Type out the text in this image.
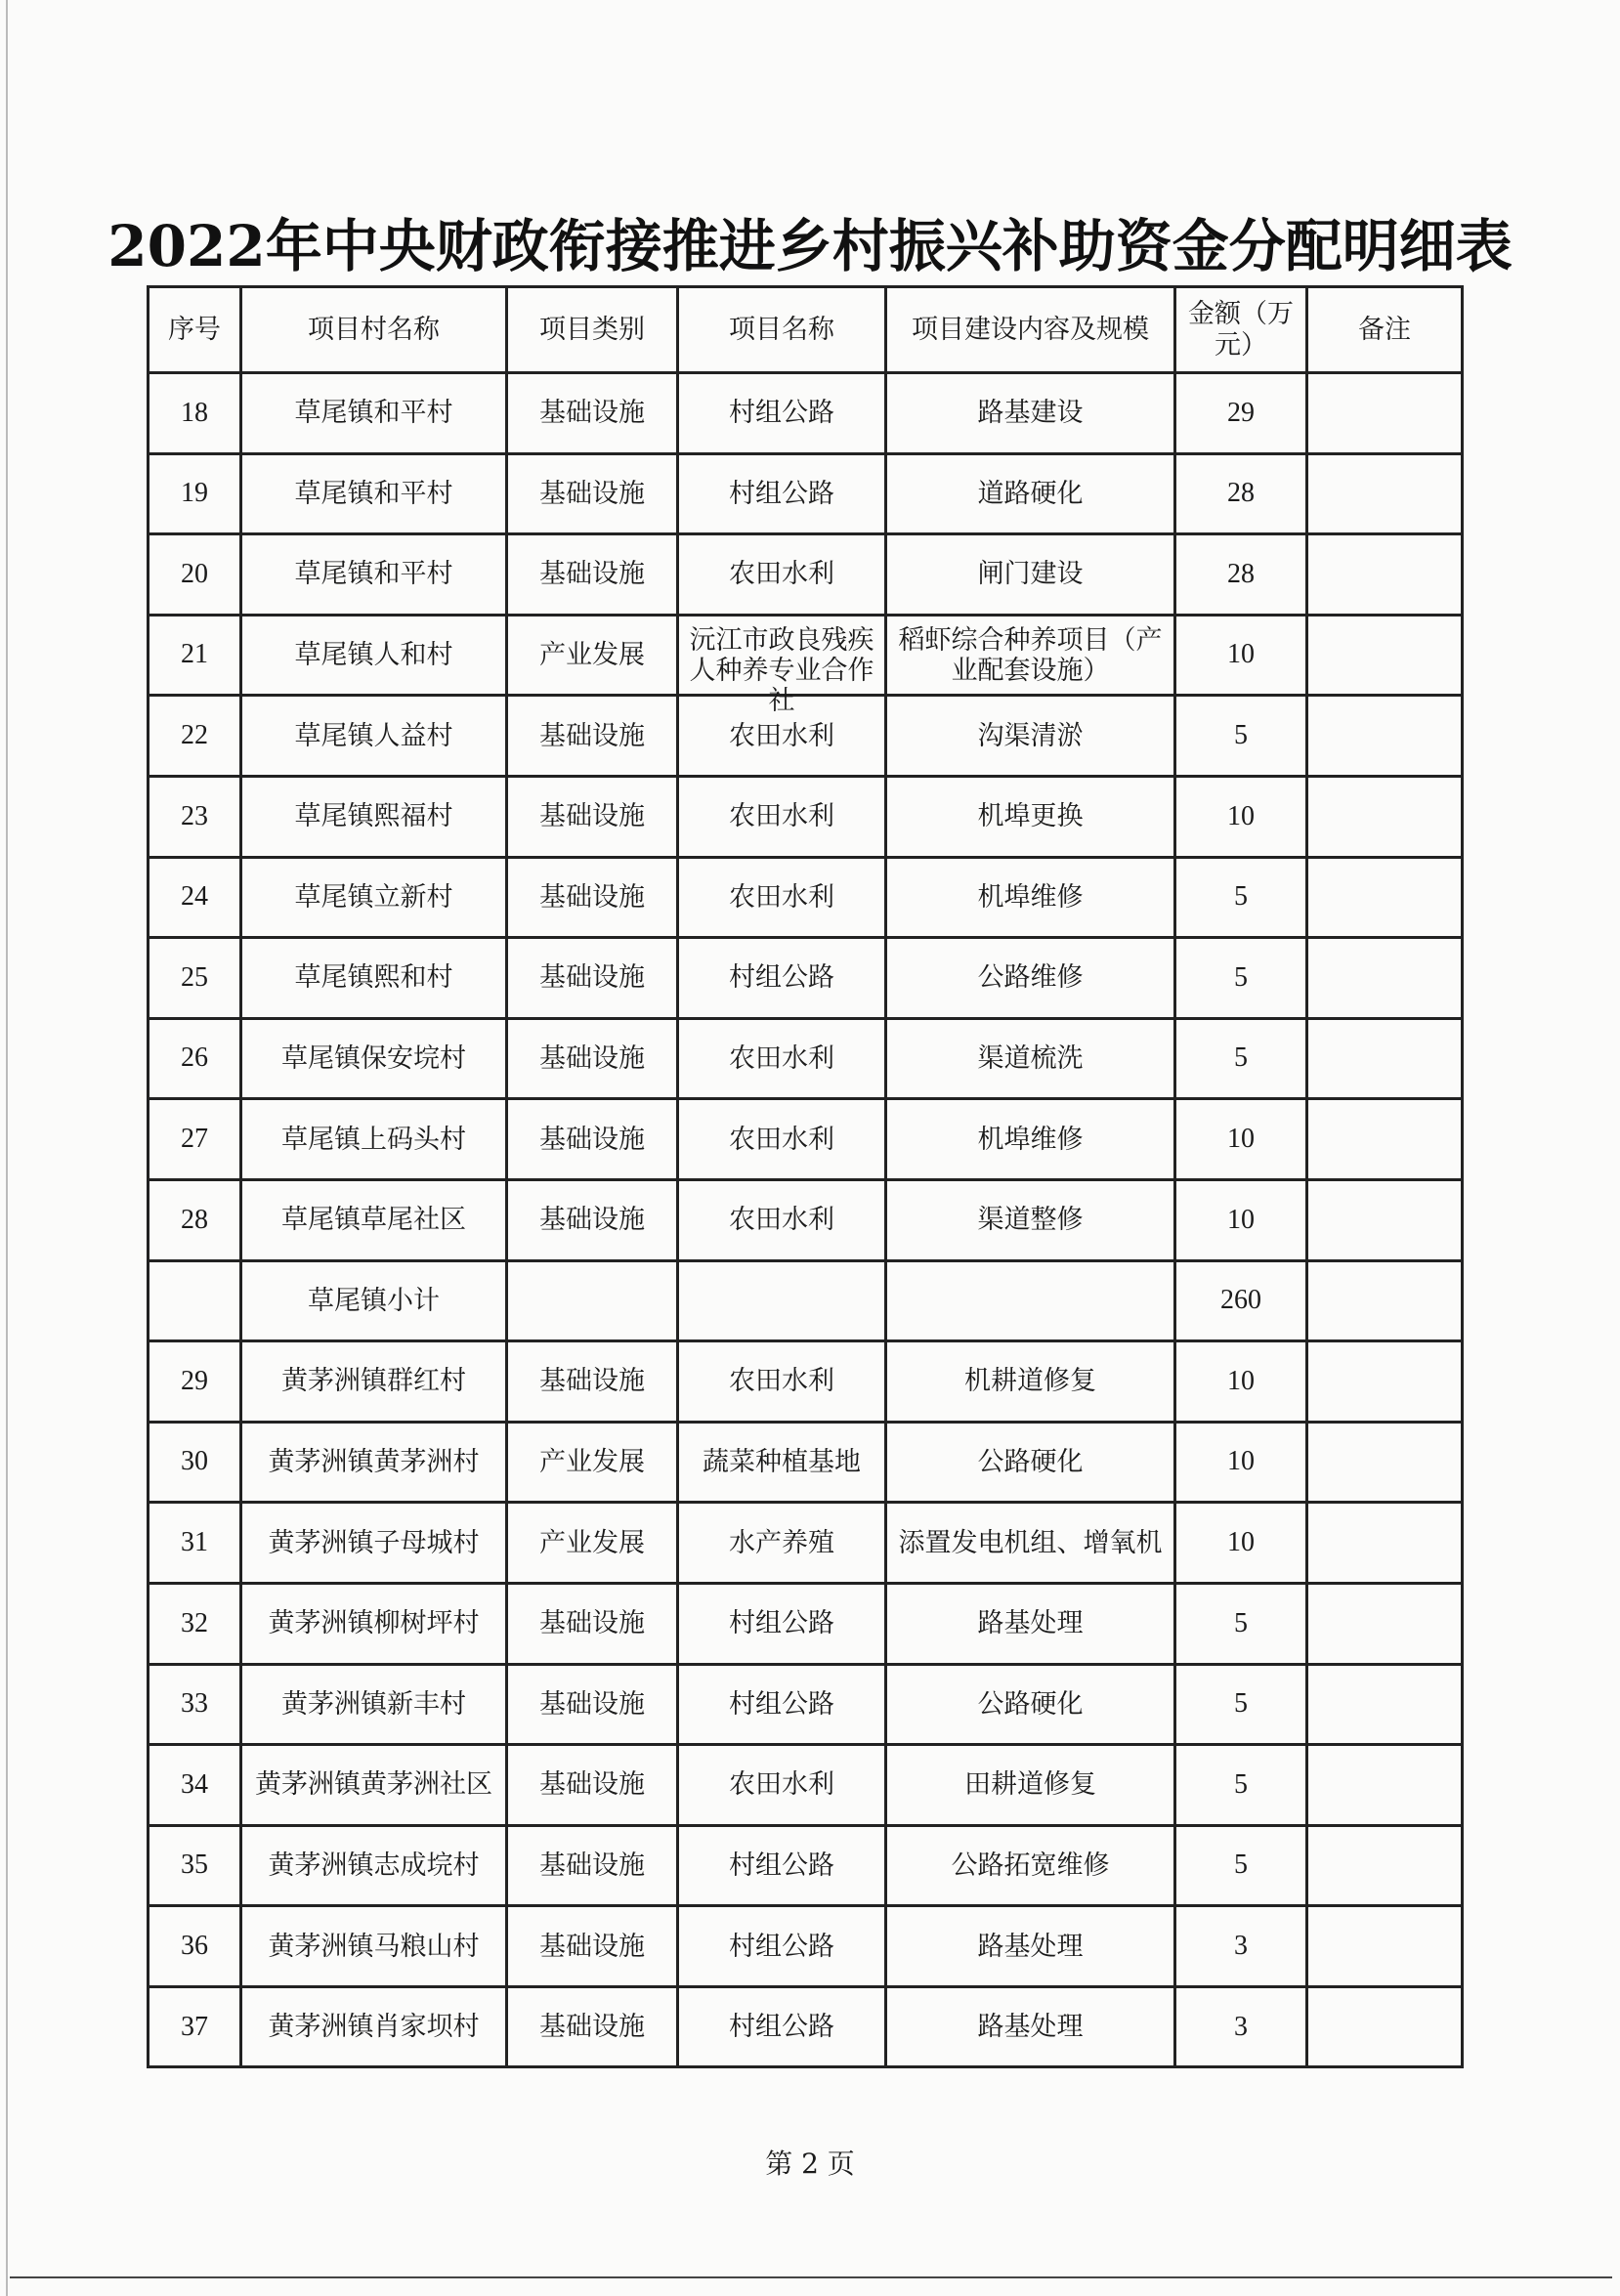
2022年中央财政衔接推进乡村振兴补助资金分配明细表
序号	项目村名称	项目类别	项目名称	项目建设内容及规模	金额（万元）	备注
18	草尾镇和平村	基础设施	村组公路	路基建设	29	
19	草尾镇和平村	基础设施	村组公路	道路硬化	28	
20	草尾镇和平村	基础设施	农田水利	闸门建设	28	
21	草尾镇人和村	产业发展	沅江市政良残疾人种养专业合作社	稻虾综合种养项目（产业配套设施）	10	
22	草尾镇人益村	基础设施	农田水利	沟渠清淤	5	
23	草尾镇熙福村	基础设施	农田水利	机埠更换	10	
24	草尾镇立新村	基础设施	农田水利	机埠维修	5	
25	草尾镇熙和村	基础设施	村组公路	公路维修	5	
26	草尾镇保安垸村	基础设施	农田水利	渠道梳洗	5	
27	草尾镇上码头村	基础设施	农田水利	机埠维修	10	
28	草尾镇草尾社区	基础设施	农田水利	渠道整修	10	
	草尾镇小计				260	
29	黄茅洲镇群红村	基础设施	农田水利	机耕道修复	10	
30	黄茅洲镇黄茅洲村	产业发展	蔬菜种植基地	公路硬化	10	
31	黄茅洲镇子母城村	产业发展	水产养殖	添置发电机组、增氧机	10	
32	黄茅洲镇柳树坪村	基础设施	村组公路	路基处理	5	
33	黄茅洲镇新丰村	基础设施	村组公路	公路硬化	5	
34	黄茅洲镇黄茅洲社区	基础设施	农田水利	田耕道修复	5	
35	黄茅洲镇志成垸村	基础设施	村组公路	公路拓宽维修	5	
36	黄茅洲镇马粮山村	基础设施	村组公路	路基处理	3	
37	黄茅洲镇肖家坝村	基础设施	村组公路	路基处理	3	
第 2 页
